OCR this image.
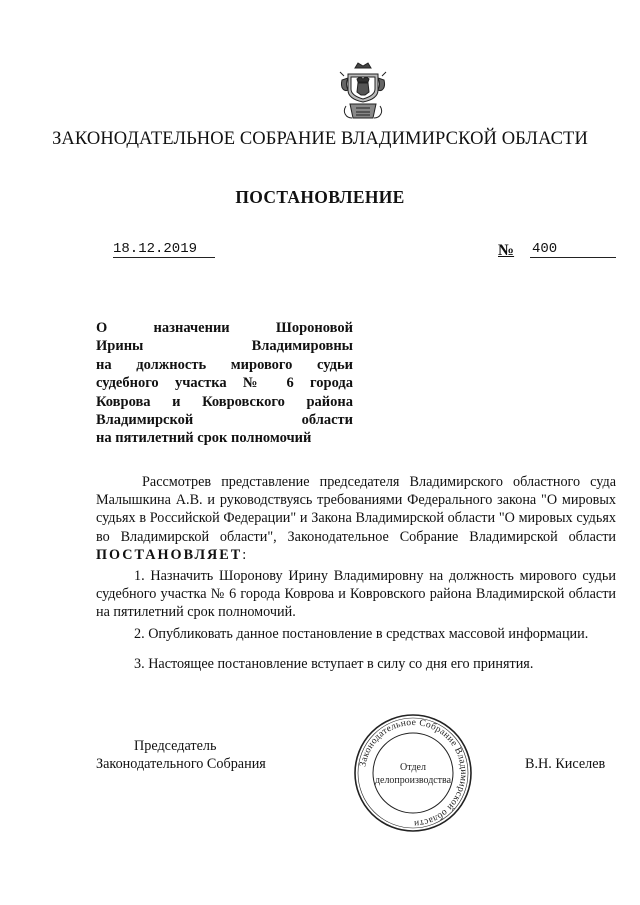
ЗАКОНОДАТЕЛЬНОЕ СОБРАНИЕ ВЛАДИМИРСКОЙ ОБЛАСТИ
ПОСТАНОВЛЕНИЕ
18.12.2019	№ 400
О	назначении	Шороновой
Ирины	Владимировны
на должность мирового судьи
судебного участка № 6 города
Коврова и Ковровского района
Владимирской	области
на пятилетний срок полномочий
Рассмотрев представление председателя Владимирского областного суда Малышкина А.В. и руководствуясь требованиями Федерального закона "О мировых судьях в Российской Федерации" и Закона Владимирской области "О мировых судьях во Владимирской области", Законодательное Собрание Владимирской области ПОСТАНОВЛЯЕТ:
1. Назначить Шоронову Ирину Владимировну на должность мирового судьи судебного участка № 6 города Коврова и Ковровского района Владимирской области на пятилетний срок полномочий.
2. Опубликовать данное постановление в средствах массовой информации.
3. Настоящее постановление вступает в силу со дня его принятия.
Председатель
Законодательного Собрания	Законодательное Собрание Владимирской области
Отдел
делопроизводства
В.Н. Киселев
